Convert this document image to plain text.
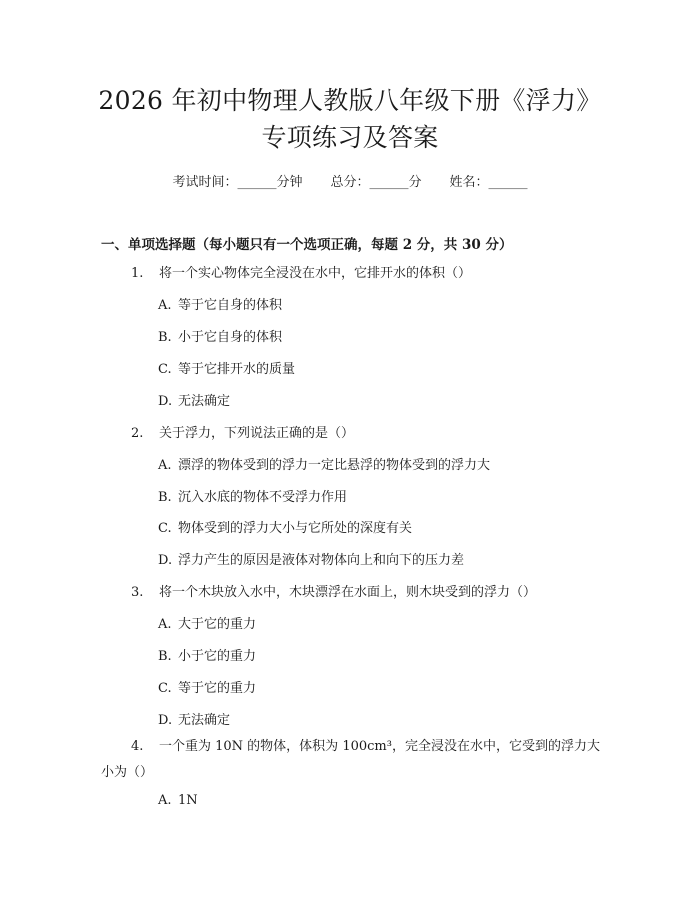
2026 年初中物理人教版八年级下册《浮力》
专项练习及答案
考试时间：______分钟 总分：______分 姓名：______
一、单项选择题（每小题只有一个选项正确，每题 2 分，共 30 分）
1. 将一个实心物体完全浸没在水中，它排开水的体积（）
A. 等于它自身的体积
B. 小于它自身的体积
C. 等于它排开水的质量
D. 无法确定
2. 关于浮力，下列说法正确的是（）
A. 漂浮的物体受到的浮力一定比悬浮的物体受到的浮力大
B. 沉入水底的物体不受浮力作用
C. 物体受到的浮力大小与它所处的深度有关
D. 浮力产生的原因是液体对物体向上和向下的压力差
3. 将一个木块放入水中，木块漂浮在水面上，则木块受到的浮力（）
A. 大于它的重力
B. 小于它的重力
C. 等于它的重力
D. 无法确定
4. 一个重为 10N 的物体，体积为 100cm³，完全浸没在水中，它受到的浮力大小为（）
A. 1N
